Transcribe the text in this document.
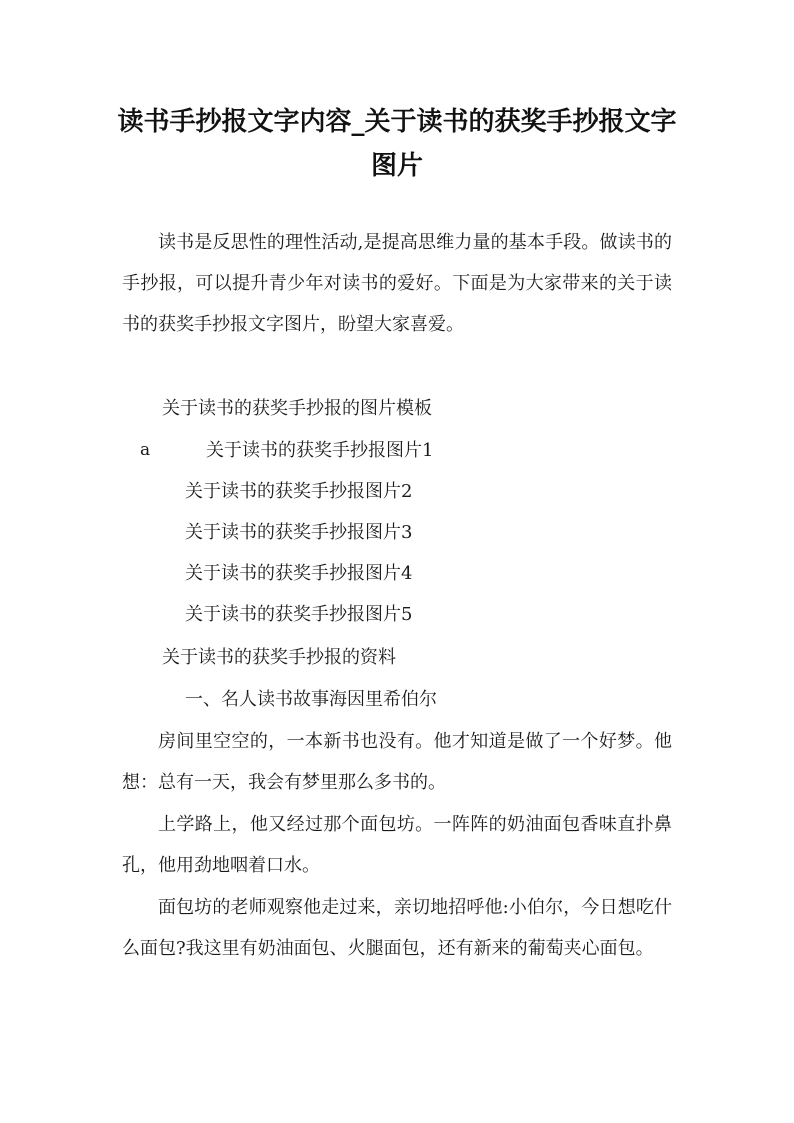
读书手抄报文字内容_关于读书的获奖手抄报文字图片

读书是反思性的理性活动,是提高思维力量的基本手段。做读书的手抄报，可以提升青少年对读书的爱好。下面是为大家带来的关于读书的获奖手抄报文字图片，盼望大家喜爱。

关于读书的获奖手抄报的图片模板
a	关于读书的获奖手抄报图片1
关于读书的获奖手抄报图片2
关于读书的获奖手抄报图片3
关于读书的获奖手抄报图片4
关于读书的获奖手抄报图片5
关于读书的获奖手抄报的资料
一、名人读书故事海因里希伯尔

房间里空空的，一本新书也没有。他才知道是做了一个好梦。他想：总有一天，我会有梦里那么多书的。

上学路上，他又经过那个面包坊。一阵阵的奶油面包香味直扑鼻孔，他用劲地咽着口水。

面包坊的老师观察他走过来，亲切地招呼他:小伯尔，今日想吃什么面包?我这里有奶油面包、火腿面包，还有新来的葡萄夹心面包。
